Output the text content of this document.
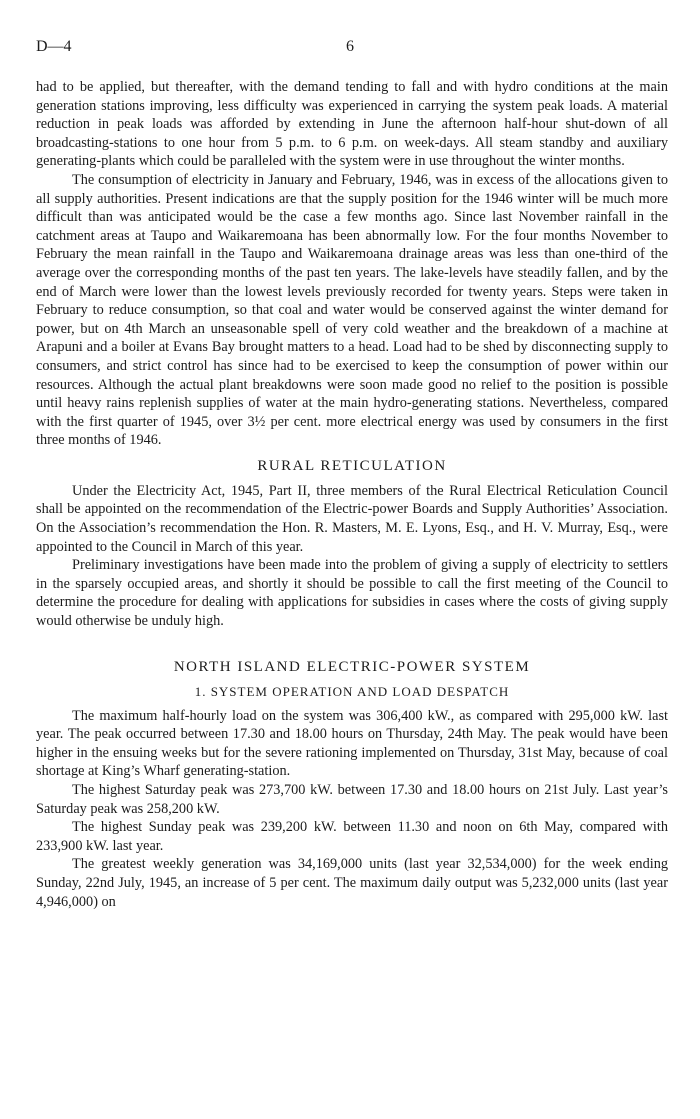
D—4	6

had to be applied, but thereafter, with the demand tending to fall and with hydro conditions at the main generation stations improving, less difficulty was experienced in carrying the system peak loads. A material reduction in peak loads was afforded by extending in June the afternoon half-hour shut-down of all broadcasting-stations to one hour from 5 p.m. to 6 p.m. on week-days. All steam standby and auxiliary generating-plants which could be paralleled with the system were in use throughout the winter months.

The consumption of electricity in January and February, 1946, was in excess of the allocations given to all supply authorities. Present indications are that the supply position for the 1946 winter will be much more difficult than was anticipated would be the case a few months ago. Since last November rainfall in the catchment areas at Taupo and Waikaremoana has been abnormally low. For the four months November to February the mean rainfall in the Taupo and Waikaremoana drainage areas was less than one-third of the average over the corresponding months of the past ten years. The lake-levels have steadily fallen, and by the end of March were lower than the lowest levels previously recorded for twenty years. Steps were taken in February to reduce consumption, so that coal and water would be conserved against the winter demand for power, but on 4th March an unseasonable spell of very cold weather and the breakdown of a machine at Arapuni and a boiler at Evans Bay brought matters to a head. Load had to be shed by disconnecting supply to consumers, and strict control has since had to be exercised to keep the consumption of power within our resources. Although the actual plant breakdowns were soon made good no relief to the position is possible until heavy rains replenish supplies of water at the main hydro-generating stations. Nevertheless, compared with the first quarter of 1945, over 3½ per cent. more electrical energy was used by consumers in the first three months of 1946.

RURAL RETICULATION

Under the Electricity Act, 1945, Part II, three members of the Rural Electrical Reticulation Council shall be appointed on the recommendation of the Electric-power Boards and Supply Authorities’ Association. On the Association’s recommendation the Hon. R. Masters, M. E. Lyons, Esq., and H. V. Murray, Esq., were appointed to the Council in March of this year.

Preliminary investigations have been made into the problem of giving a supply of electricity to settlers in the sparsely occupied areas, and shortly it should be possible to call the first meeting of the Council to determine the procedure for dealing with applications for subsidies in cases where the costs of giving supply would otherwise be unduly high.

NORTH ISLAND ELECTRIC-POWER SYSTEM
1. SYSTEM OPERATION AND LOAD DESPATCH

The maximum half-hourly load on the system was 306,400 kW., as compared with 295,000 kW. last year. The peak occurred between 17.30 and 18.00 hours on Thursday, 24th May. The peak would have been higher in the ensuing weeks but for the severe rationing implemented on Thursday, 31st May, because of coal shortage at King’s Wharf generating-station.

The highest Saturday peak was 273,700 kW. between 17.30 and 18.00 hours on 21st July. Last year’s Saturday peak was 258,200 kW.

The highest Sunday peak was 239,200 kW. between 11.30 and noon on 6th May, compared with 233,900 kW. last year.

The greatest weekly generation was 34,169,000 units (last year 32,534,000) for the week ending Sunday, 22nd July, 1945, an increase of 5 per cent. The maximum daily output was 5,232,000 units (last year 4,946,000) on
